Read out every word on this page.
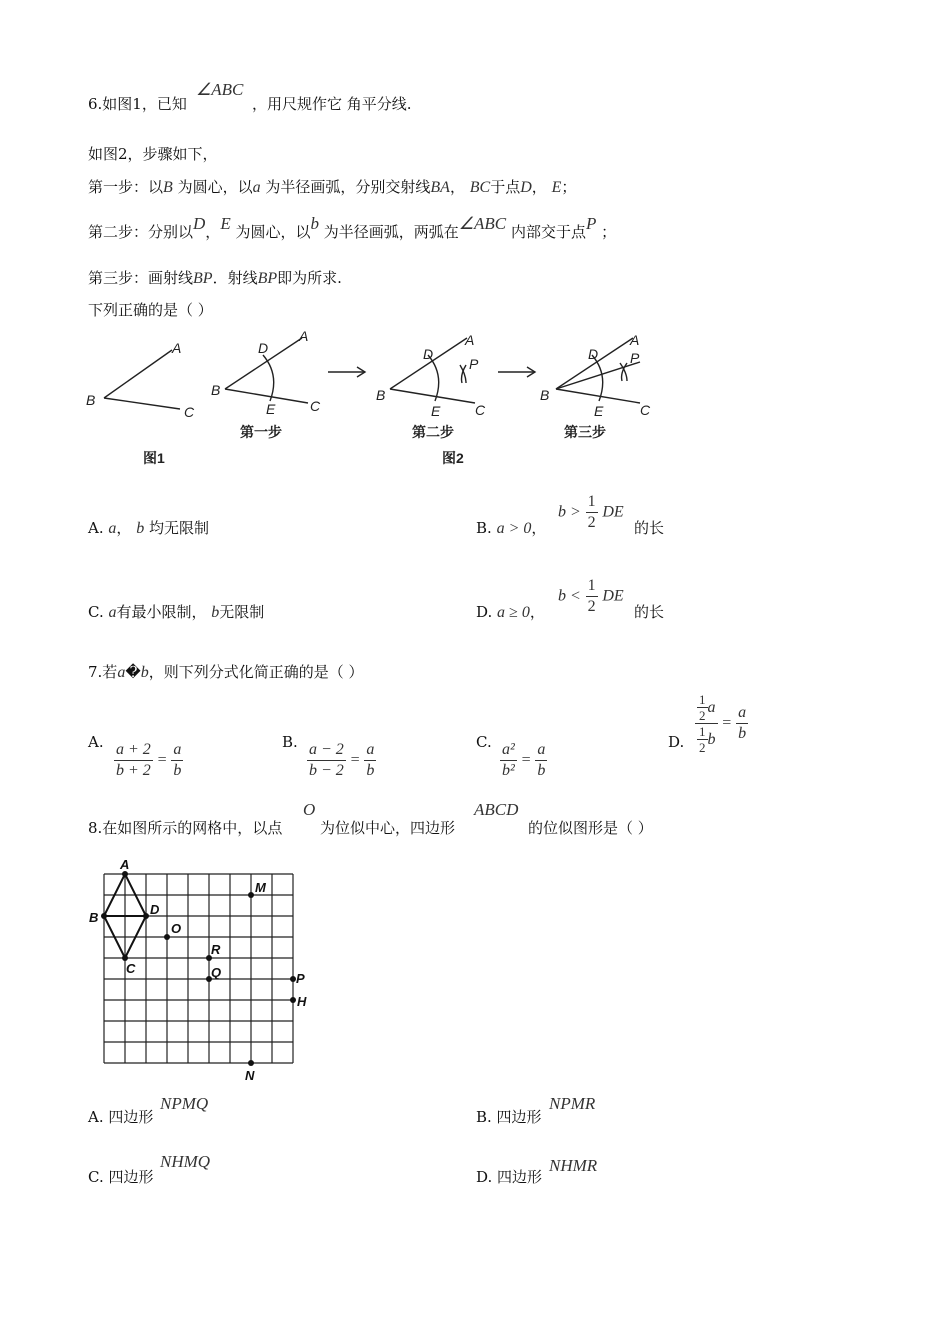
6.如图1，已知
∠ABC
，用尺规作它 角平分线.
如图2，步骤如下，
第一步：以B 为圆心，以a 为半径画弧，分别交射线BA， BC于点D， E；
第二步：分别以D，E 为圆心，以b 为半径画弧，两弧在∠ABC 内部交于点P ；
第三步：画射线BP．射线BP即为所求.
下列正确的是（ ）
A
B
C
A
B
C
D
E
A
B
C
D
E
P
A
B
C
D
E
P
图1
第一步	第二步
图2
第三步
A. a， b 均无限制	B. a > 0，
$b > \frac{1}{2}$ DE
的长
C. a有最小限制， b无限制	D. a ≥ 0，
$b < \frac{1}{2}$ DE
的长
7.若a�b，则下列分式化简正确的是（ ）
A. $\frac{a + 2}{b + 2} = \frac{a}{b}$	B. $\frac{a - 2}{b - 2} = \frac{a}{b}$	C. $\frac{\text{a²}}{\text{b²}} = \frac{a}{b}$	D. $\frac{\frac{1}{2} a}{\frac{1}{2} b} = \frac{a}{b}$
8.在如图所示的网格中，以点
O
为位似中心，四边形
ABCD
的位似图形是（ ）
A
B
D
C
O
M
R
Q	P
H
N
A. 四边形
NPMQ
B. 四边形
NPMR
C. 四边形
NHMQ
D. 四边形
NHMR
